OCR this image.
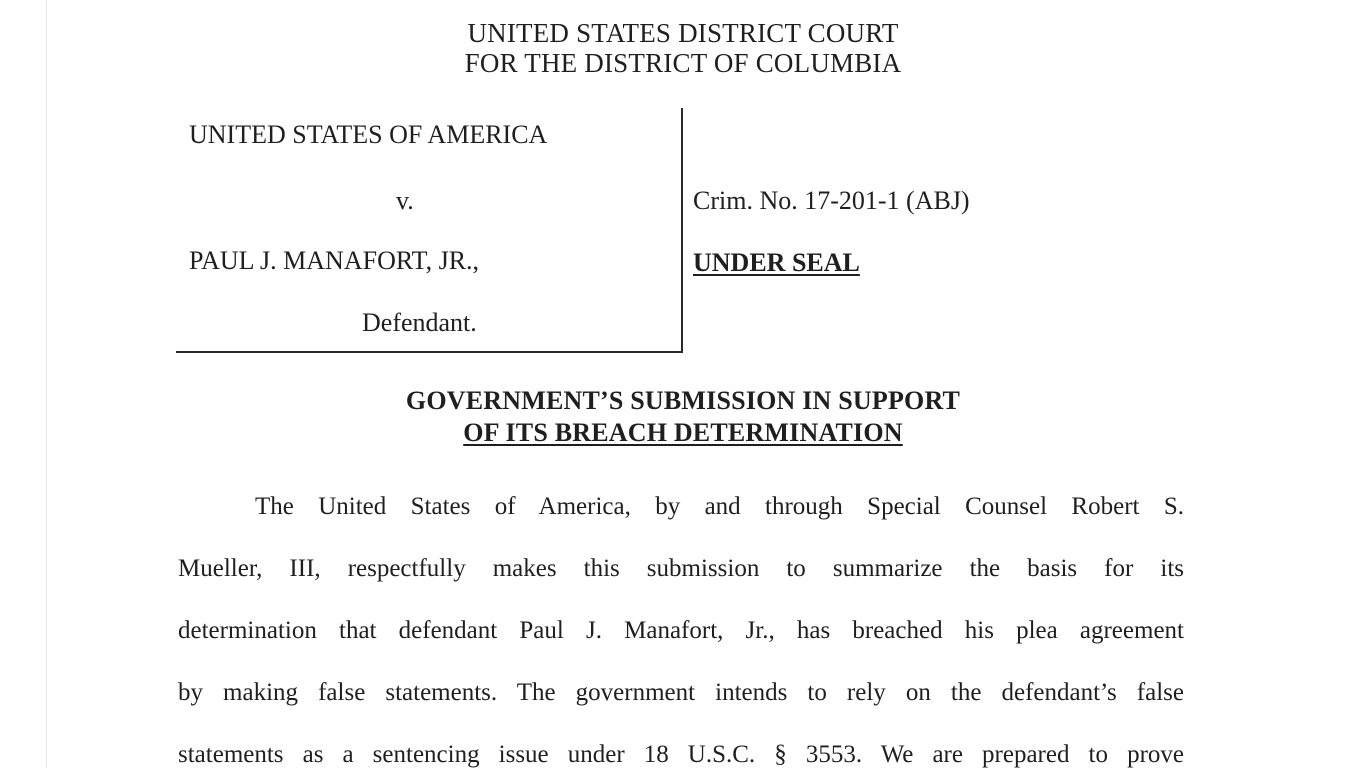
UNITED STATES DISTRICT COURT
FOR THE DISTRICT OF COLUMBIA
UNITED STATES OF AMERICA
v.
PAUL J. MANAFORT, JR.,
Defendant.
Crim. No. 17-201-1 (ABJ)
UNDER SEAL
GOVERNMENT’S SUBMISSION IN SUPPORT
OF ITS BREACH DETERMINATION
The United States of America, by and through Special Counsel Robert S.
Mueller, III, respectfully makes this submission to summarize the basis for its
determination that defendant Paul J. Manafort, Jr., has breached his plea agreement
by making false statements. The government intends to rely on the defendant’s false
statements as a sentencing issue under 18 U.S.C. § 3553. We are prepared to prove
